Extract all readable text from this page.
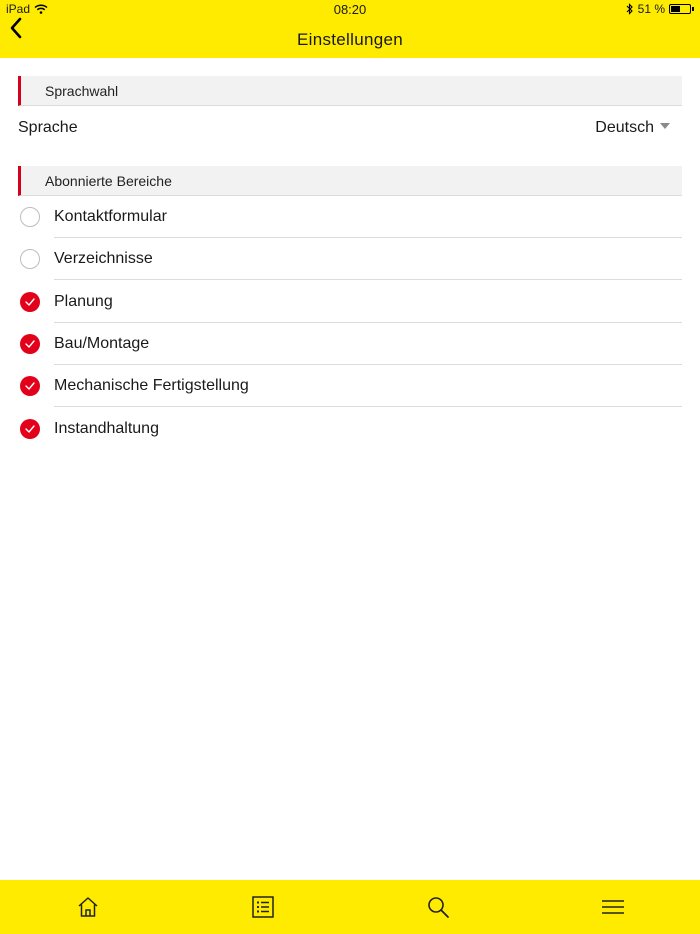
iPad	08:20	51 %
Einstellungen
Sprachwahl
Sprache	Deutsch
Abonnierte Bereiche
Kontaktformular
Verzeichnisse
Planung
Bau/Montage
Mechanische Fertigstellung
Instandhaltung
